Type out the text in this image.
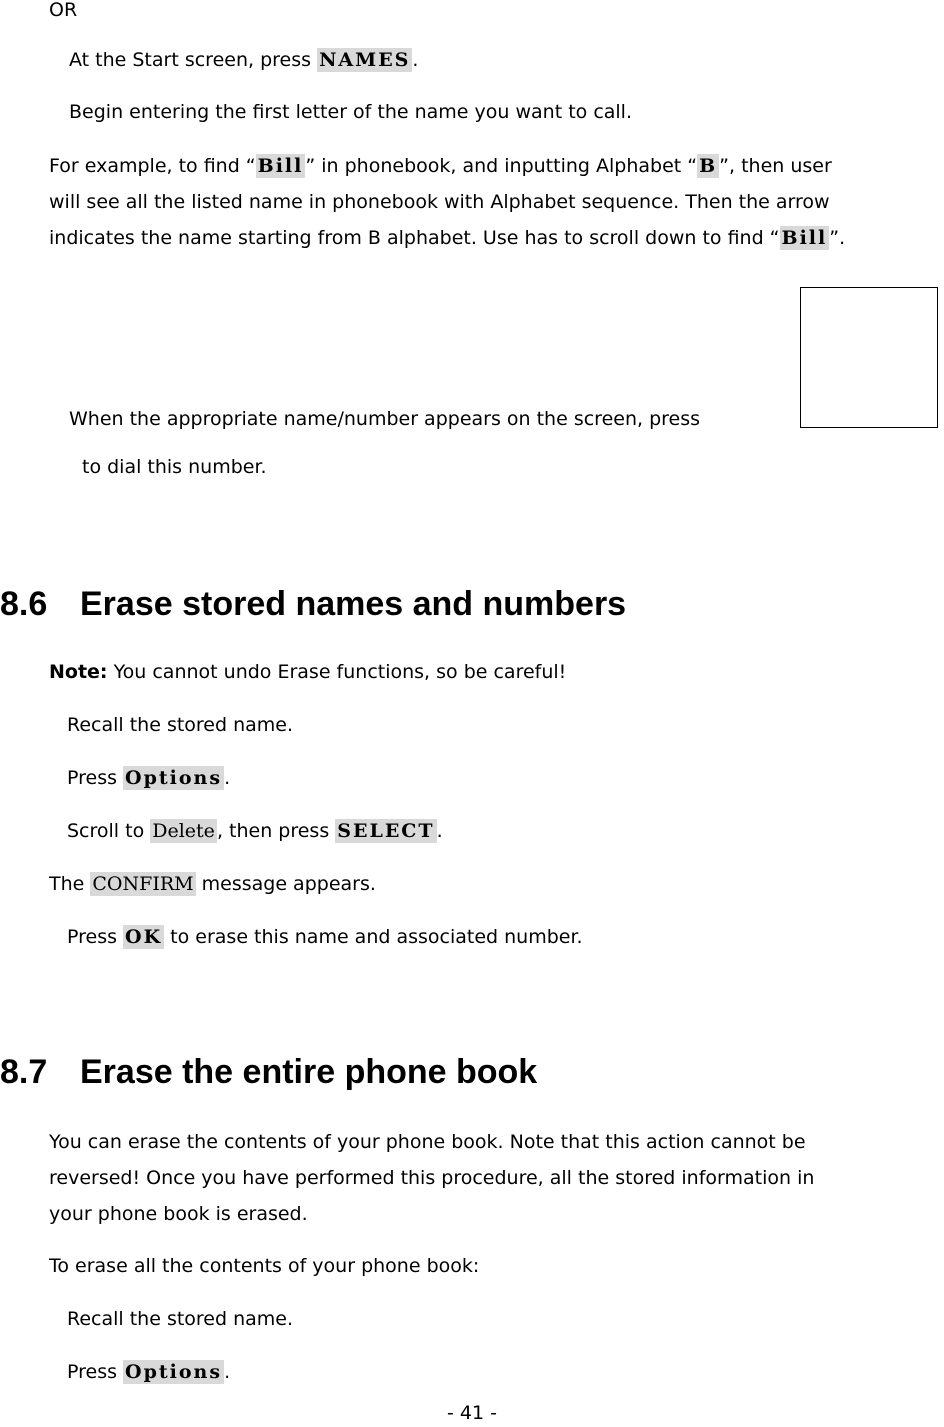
OR
At the Start screen, press NAMES .
Begin entering the first letter of the name you want to call.
For example, to find “ Bill ” in phonebook, and inputting Alphabet “ B ”, then user
will see all the listed name in phonebook with Alphabet sequence. Then the arrow
indicates the name starting from B alphabet. Use has to scroll down to find “ Bill ”.
When the appropriate name/number appears on the screen, press
to dial this number.
8.6 Erase stored names and numbers
Note: You cannot undo Erase functions, so be careful!
Recall the stored name.
Press Options .
Scroll to Delete , then press SELECT .
The CONFIRM message appears.
Press OK to erase this name and associated number.
8.7 Erase the entire phone book
You can erase the contents of your phone book. Note that this action cannot be
reversed! Once you have performed this procedure, all the stored information in
your phone book is erased.
To erase all the contents of your phone book:
Recall the stored name.
Press Options .
- 41 -
